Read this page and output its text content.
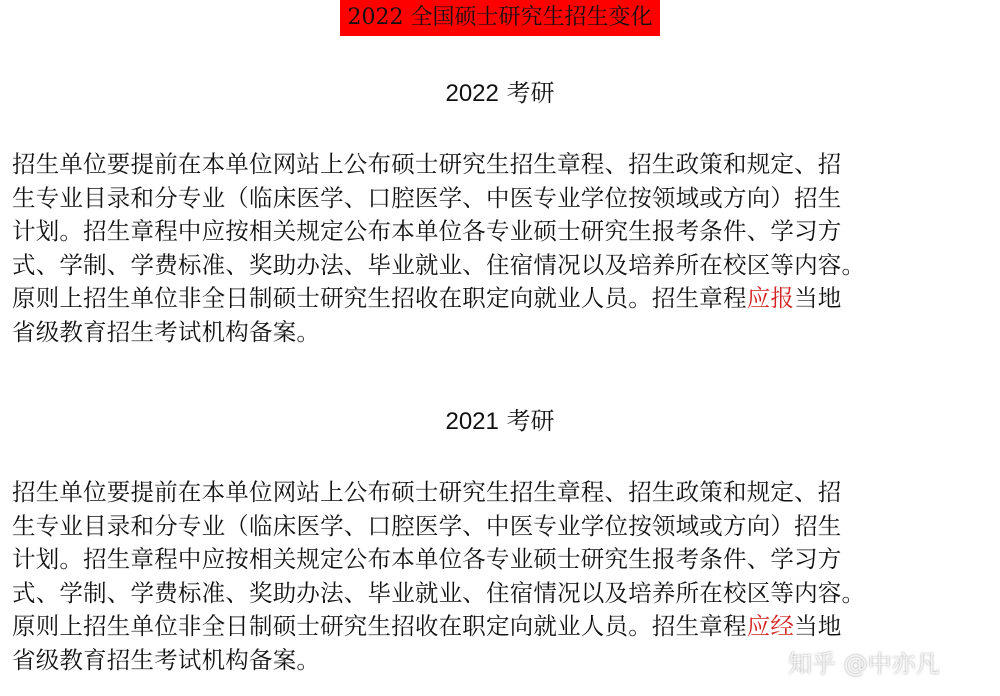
2022 全国硕士研究生招生变化
2022 考研
招生单位要提前在本单位网站上公布硕士研究生招生章程、招生政策和规定、招
生专业目录和分专业（临床医学、口腔医学、中医专业学位按领域或方向）招生
计划。招生章程中应按相关规定公布本单位各专业硕士研究生报考条件、学习方
式、学制、学费标准、奖助办法、毕业就业、住宿情况以及培养所在校区等内容。
原则上招生单位非全日制硕士研究生招收在职定向就业人员。招生章程应报当地
省级教育招生考试机构备案。
2021 考研
招生单位要提前在本单位网站上公布硕士研究生招生章程、招生政策和规定、招
生专业目录和分专业（临床医学、口腔医学、中医专业学位按领域或方向）招生
计划。招生章程中应按相关规定公布本单位各专业硕士研究生报考条件、学习方
式、学制、学费标准、奖助办法、毕业就业、住宿情况以及培养所在校区等内容。
原则上招生单位非全日制硕士研究生招收在职定向就业人员。招生章程应经当地
省级教育招生考试机构备案。	知乎 @中亦凡
